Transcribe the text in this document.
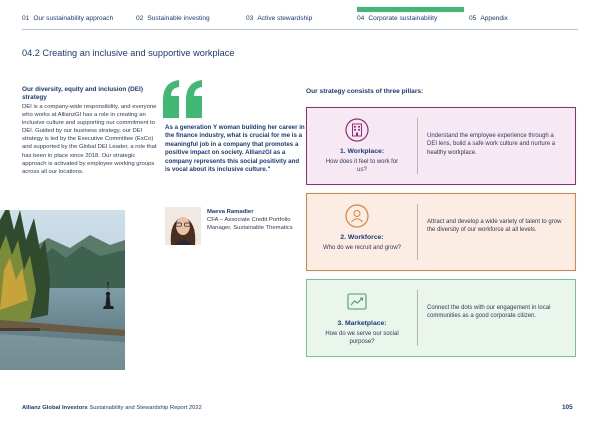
01 Our sustainability approach	02 Sustainable investing	03 Active stewardship	04 Corporate sustainability	05 Appendix
04.2 Creating an inclusive and supportive workplace
Our diversity, equity and inclusion (DEI) strategy
DEI is a company-wide responsibility, and everyone who works at AllianzGI has a role in creating an inclusive culture and supporting our commitment to DEI. Guided by our business strategy, our DEI strategy is led by the Executive Committee (ExCo) and supported by the Global DEI Leader, a role that has been in place since 2018. Our strategic approach is activated by employee working groups across all our locations.
As a generation Y woman building her career in the finance industry, what is crucial for me is a meaningful job in a company that promotes a positive impact on society. AllianzGI as a company represents this social positivity and is vocal about its inclusive culture."
Maeva Ramadier
CFA – Associate Credit Portfolio Manager, Sustainable Thematics
Our strategy consists of three pillars:
1. Workplace:
How does it feel to work for us?
Understand the employee experience through a DEI lens, build a safe work culture and nurture a healthy workplace.
2. Workforce:
Who do we recruit and grow?
Attract and develop a wide variety of talent to grow the diversity of our workforce at all levels.
3. Marketplace:
How do we serve our social purpose?
Connect the dots with our engagement in local communities as a good corporate citizen.
Allianz Global Investors Sustainability and Stewardship Report 2022	105
